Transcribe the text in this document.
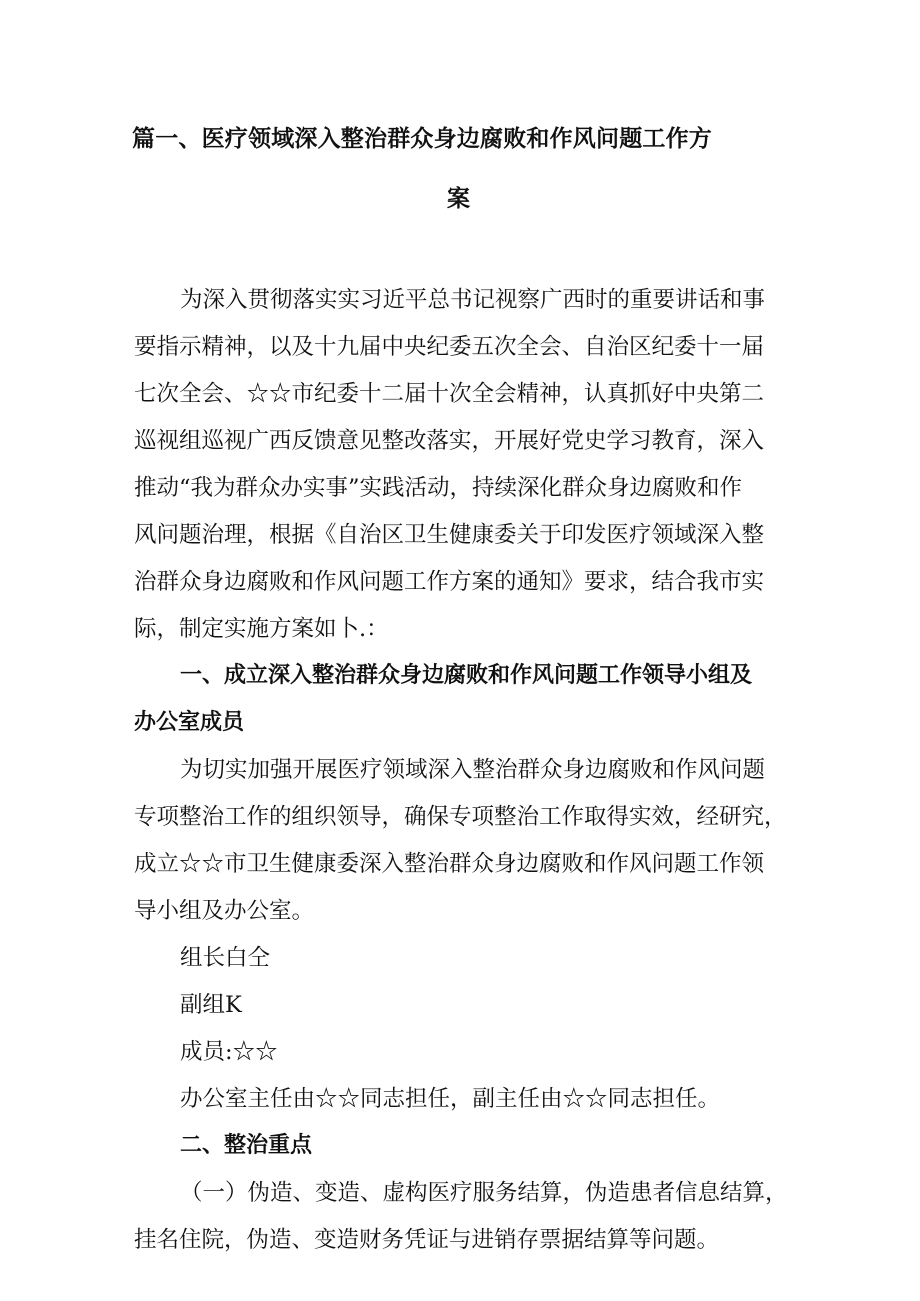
篇一、医疗领域深入整治群众身边腐败和作风问题工作方
案
为深入贯彻落实实习近平总书记视察广西时的重要讲话和事
要指示精神，以及十九届中央纪委五次全会、自治区纪委十一届
七次全会、☆☆市纪委十二届十次全会精神，认真抓好中央第二
巡视组巡视广西反馈意见整改落实，开展好党史学习教育，深入
推动“我为群众办实事”实践活动，持续深化群众身边腐败和作
风问题治理，根据《自治区卫生健康委关于印发医疗领域深入整
治群众身边腐败和作风问题工作方案的通知》要求，结合我市实
际，制定实施方案如卜.：
一、成立深入整治群众身边腐败和作风问题工作领导小组及
办公室成员
为切实加强开展医疗领域深入整治群众身边腐败和作风问题
专项整治工作的组织领导，确保专项整治工作取得实效，经研究，
成立☆☆市卫生健康委深入整治群众身边腐败和作风问题工作领
导小组及办公室。
组长白仝
副组K
成员:☆☆
办公室主任由☆☆同志担任，副主任由☆☆同志担任。
二、整治重点
（一）伪造、变造、虚构医疗服务结算，伪造患者信息结算，
挂名住院，伪造、变造财务凭证与进销存票据结算等问题。
